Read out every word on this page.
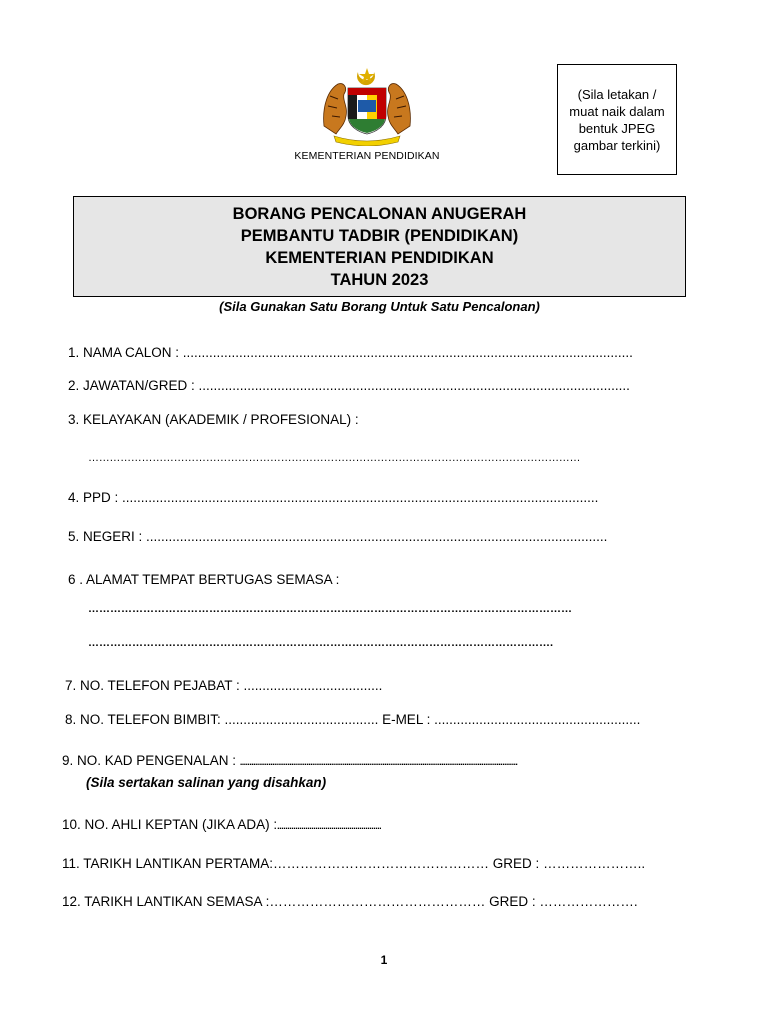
KEMENTERIAN PENDIDIKAN
(Sila letakan / muat naik dalam bentuk JPEG gambar terkini)
BORANG PENCALONAN ANUGERAH
PEMBANTU TADBIR (PENDIDIKAN)
KEMENTERIAN PENDIDIKAN
TAHUN 2023
(Sila Gunakan Satu Borang Untuk Satu Pencalonan)
1. NAMA CALON : ........................................................................................................................
2. JAWATAN/GRED : ...................................................................................................................
3. KELAYAKAN (AKADEMIK / PROFESIONAL) :
…………………………………………………………………………………………………………………………
4. PPD : ...............................................................................................................................
5. NEGERI : ...........................................................................................................................
6 . ALAMAT TEMPAT BERTUGAS SEMASA :
……………………………………………………………………………………………………………………
……………………………………………………………………………………………………………….
7. NO. TELEFON PEJABAT : .....................................
8. NO. TELEFON BIMBIT: ......................................... E-MEL : .......................................................
9. NO. KAD PENGENALAN : ..................................................................................................................................................
(Sila sertakan salinan yang disahkan)
10. NO. AHLI KEPTAN (JIKA ADA) :....................................................
11. TARIKH LANTIKAN PERTAMA:………………………………………… GRED : …………………..
12. TARIKH LANTIKAN SEMASA :………………………………………… GRED : ………………….
1
